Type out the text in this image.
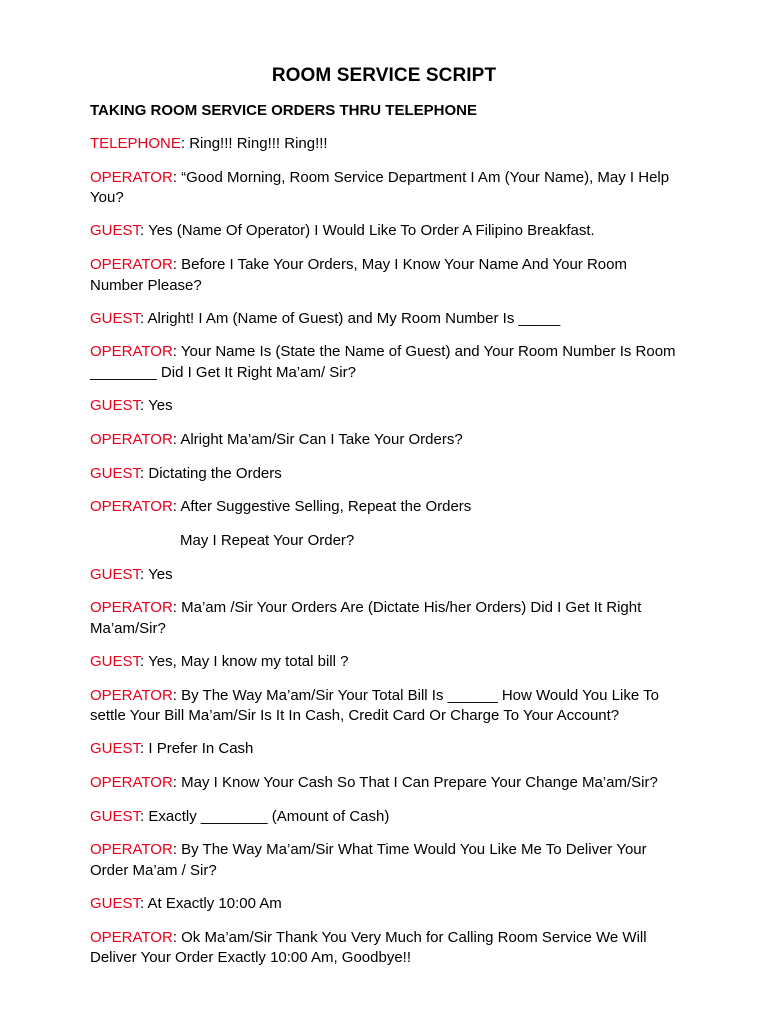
ROOM SERVICE SCRIPT
TAKING ROOM SERVICE ORDERS THRU TELEPHONE

TELEPHONE: Ring!!! Ring!!! Ring!!!

OPERATOR: “Good Morning, Room Service Department I Am (Your Name), May I Help You?

GUEST: Yes (Name Of Operator) I Would Like To Order A Filipino Breakfast.

OPERATOR: Before I Take Your Orders, May I Know Your Name And Your Room Number Please?

GUEST: Alright! I Am (Name of Guest) and My Room Number Is _____

OPERATOR: Your Name Is (State the Name of Guest) and Your Room Number Is Room ________ Did I Get It Right Ma’am/ Sir?

GUEST: Yes

OPERATOR: Alright Ma’am/Sir Can I Take Your Orders?

GUEST: Dictating the Orders

OPERATOR: After Suggestive Selling, Repeat the Orders

May I Repeat Your Order?

GUEST: Yes

OPERATOR: Ma’am /Sir Your Orders Are (Dictate His/her Orders) Did I Get It Right Ma’am/Sir?

GUEST: Yes, May I know my total bill ?

OPERATOR: By The Way Ma’am/Sir Your Total Bill Is ______ How Would You Like To settle Your Bill Ma’am/Sir Is It In Cash, Credit Card Or Charge To Your Account?

GUEST: I Prefer In Cash

OPERATOR: May I Know Your Cash So That I Can Prepare Your Change Ma’am/Sir?

GUEST: Exactly ________ (Amount of Cash)

OPERATOR: By The Way Ma’am/Sir What Time Would You Like Me To Deliver Your Order Ma’am / Sir?

GUEST: At Exactly 10:00 Am

OPERATOR: Ok Ma’am/Sir Thank You Very Much for Calling Room Service We Will Deliver Your Order Exactly 10:00 Am, Goodbye!!
